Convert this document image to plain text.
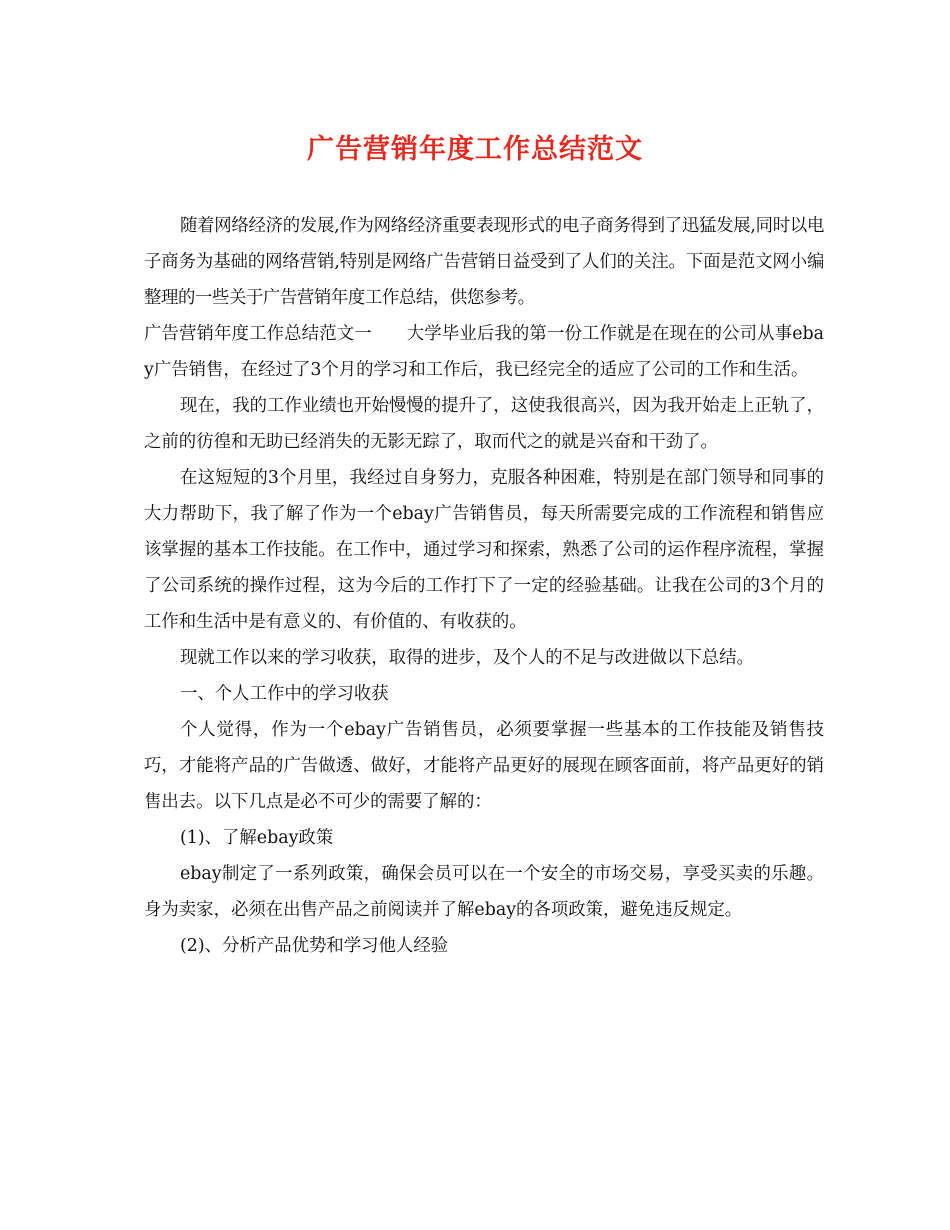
广告营销年度工作总结范文

随着网络经济的发展,作为网络经济重要表现形式的电子商务得到了迅猛发展,同时以电子商务为基础的网络营销,特别是网络广告营销日益受到了人们的关注。下面是范文网小编整理的一些关于广告营销年度工作总结，供您参考。

广告营销年度工作总结范文一　　大学毕业后我的第一份工作就是在现在的公司从事ebay广告销售，在经过了3个月的学习和工作后，我已经完全的适应了公司的工作和生活。

现在，我的工作业绩也开始慢慢的提升了，这使我很高兴，因为我开始走上正轨了，之前的彷徨和无助已经消失的无影无踪了，取而代之的就是兴奋和干劲了。

在这短短的3个月里，我经过自身努力，克服各种困难，特别是在部门领导和同事的大力帮助下，我了解了作为一个ebay广告销售员，每天所需要完成的工作流程和销售应该掌握的基本工作技能。在工作中，通过学习和探索，熟悉了公司的运作程序流程，掌握了公司系统的操作过程，这为今后的工作打下了一定的经验基础。让我在公司的3个月的工作和生活中是有意义的、有价值的、有收获的。

现就工作以来的学习收获，取得的进步，及个人的不足与改进做以下总结。

一、个人工作中的学习收获

个人觉得，作为一个ebay广告销售员，必须要掌握一些基本的工作技能及销售技巧，才能将产品的广告做透、做好，才能将产品更好的展现在顾客面前，将产品更好的销售出去。以下几点是必不可少的需要了解的：

(1)、了解ebay政策

ebay制定了一系列政策，确保会员可以在一个安全的市场交易，享受买卖的乐趣。身为卖家，必须在出售产品之前阅读并了解ebay的各项政策，避免违反规定。

(2)、分析产品优势和学习他人经验
